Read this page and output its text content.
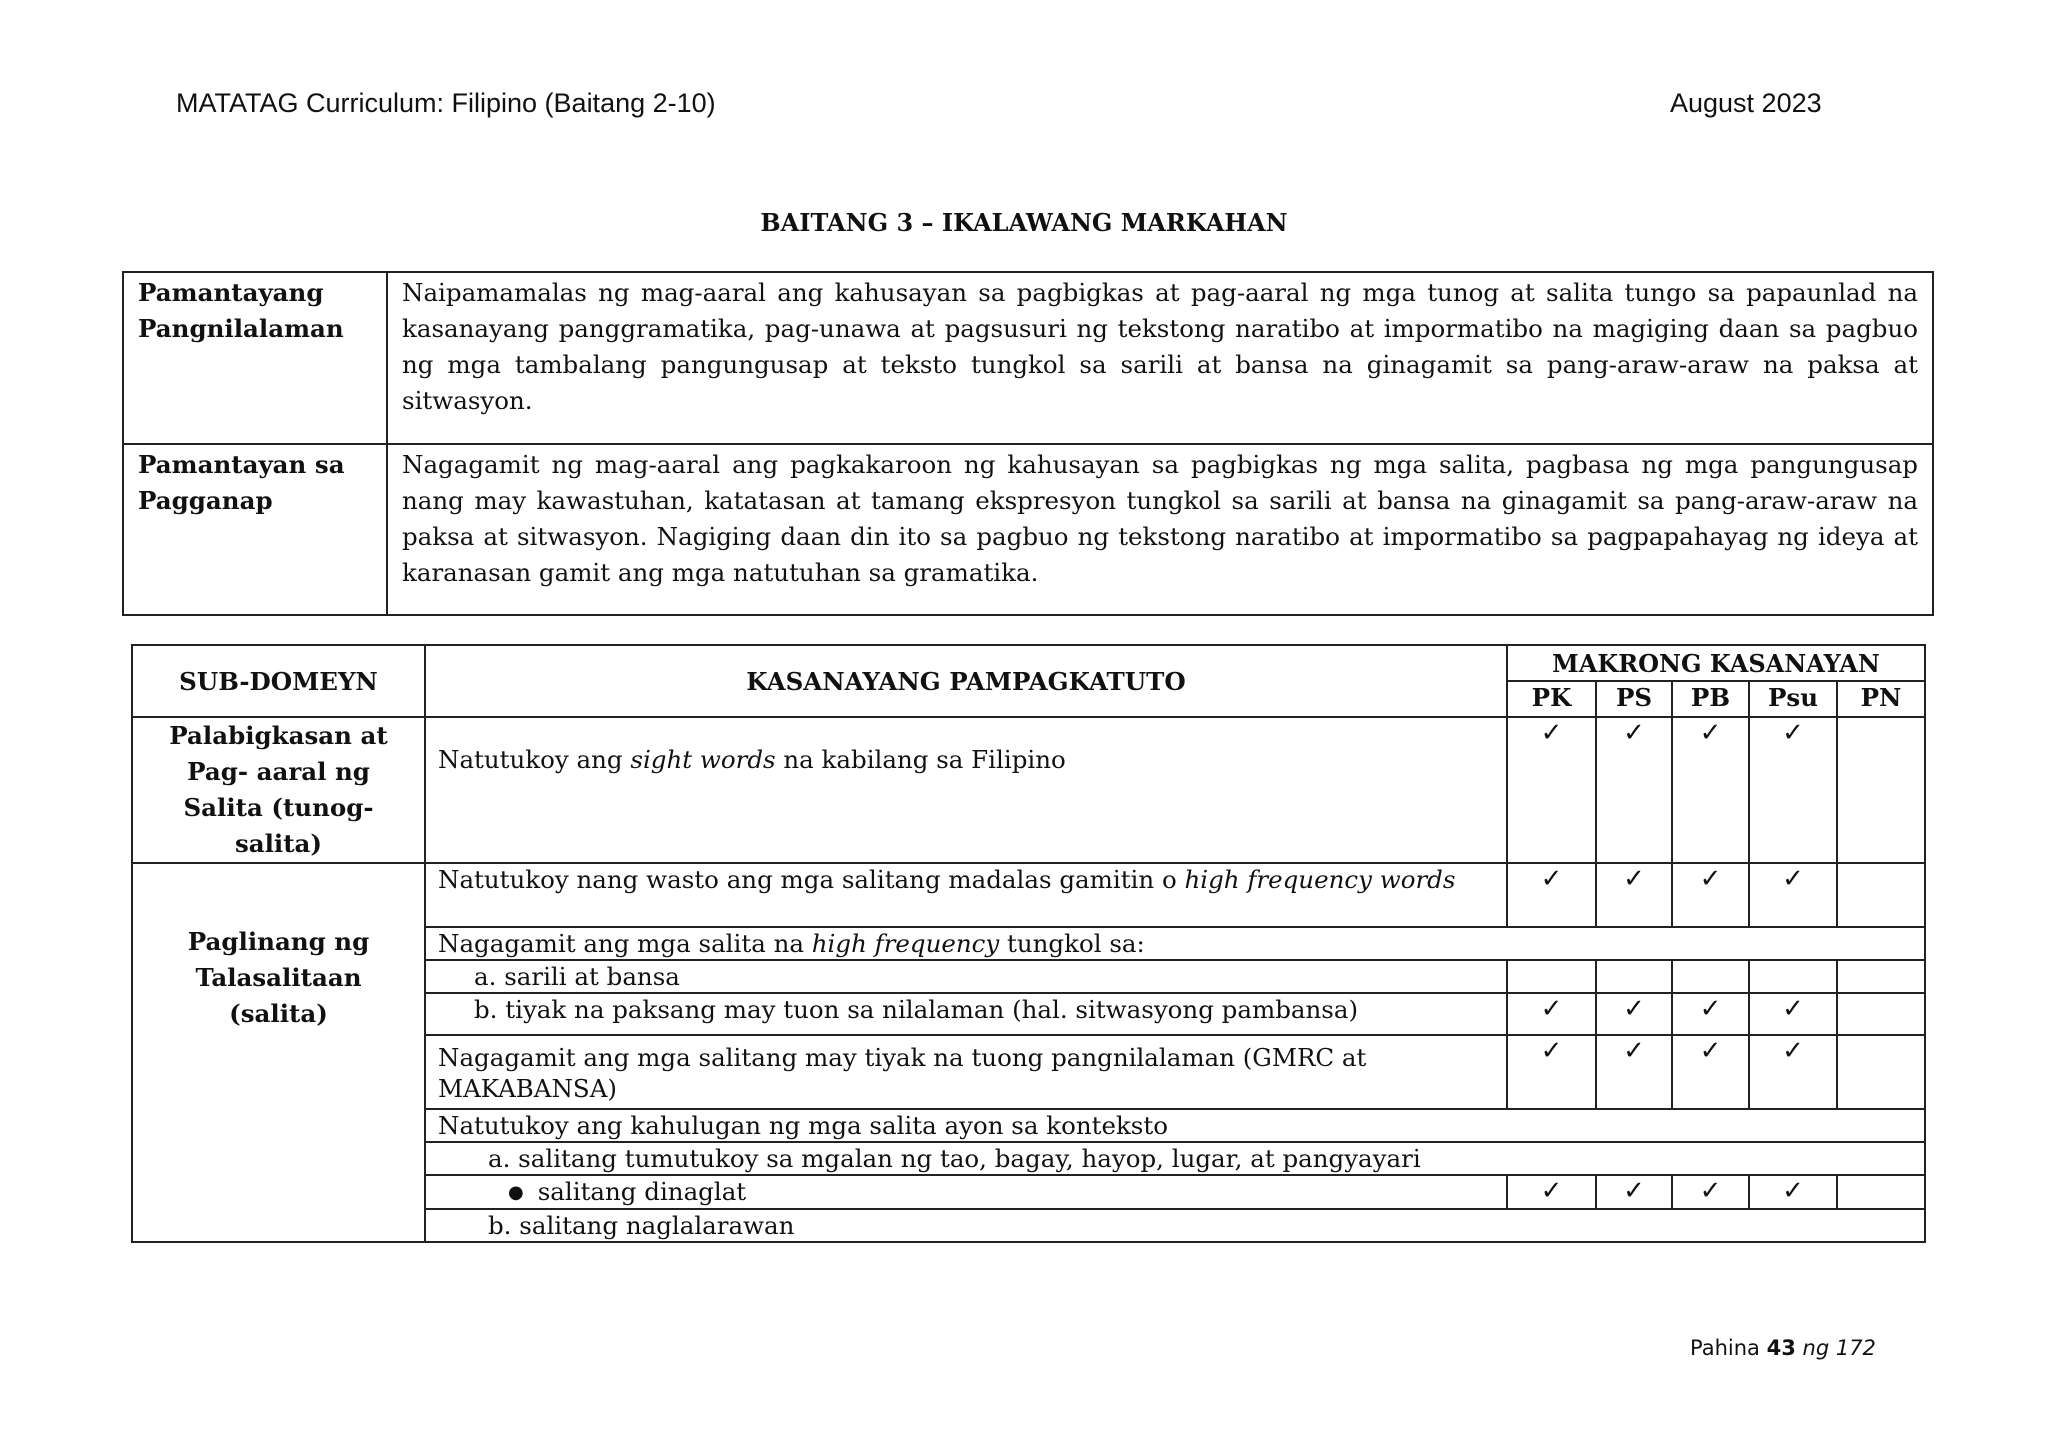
MATATAG Curriculum: Filipino (Baitang 2-10)	August 2023
BAITANG 3 – IKALAWANG MARKAHAN
Pamantayang Pangnilalaman	Naipamamalas ng mag-aaral ang kahusayan sa pagbigkas at pag-aaral ng mga tunog at salita tungo sa papaunlad na kasanayang panggramatika, pag-unawa at pagsusuri ng tekstong naratibo at impormatibo na magiging daan sa pagbuo ng mga tambalang pangungusap at teksto tungkol sa sarili at bansa na ginagamit sa pang-araw-araw na paksa at sitwasyon.
Pamantayan sa Pagganap	Nagagamit ng mag-aaral ang pagkakaroon ng kahusayan sa pagbigkas ng mga salita, pagbasa ng mga pangungusap nang may kawastuhan, katatasan at tamang ekspresyon tungkol sa sarili at bansa na ginagamit sa pang-araw-araw na paksa at sitwasyon. Nagiging daan din ito sa pagbuo ng tekstong naratibo at impormatibo sa pagpapahayag ng ideya at karanasan gamit ang mga natutuhan sa gramatika.
SUB-DOMEYN	KASANAYANG PAMPAGKATUTO	MAKRONG KASANAYAN				
		PK	PS	PB	Psu	PN
Palabigkasan at Pag- aaral ng Salita (tunog-salita)	Natutukoy ang sight words na kabilang sa Filipino	✓	✓	✓	✓	
Paglinang ng Talasalitaan (salita)	Natutukoy nang wasto ang mga salitang madalas gamitin o high frequency words	✓	✓	✓	✓	
	Nagagamit ang mga salita na high frequency tungkol sa:					
	a. sarili at bansa					
	b. tiyak na paksang may tuon sa nilalaman (hal. sitwasyong pambansa)	✓	✓	✓	✓	
	Nagagamit ang mga salitang may tiyak na tuong pangnilalaman (GMRC at MAKABANSA)	✓	✓	✓	✓	
	Natutukoy ang kahulugan ng mga salita ayon sa konteksto					
	a. salitang tumutukoy sa mgalan ng tao, bagay, hayop, lugar, at pangyayari					
	● salitang dinaglat	✓	✓	✓	✓	
	b. salitang naglalarawan					
Pahina 43 ng 172
